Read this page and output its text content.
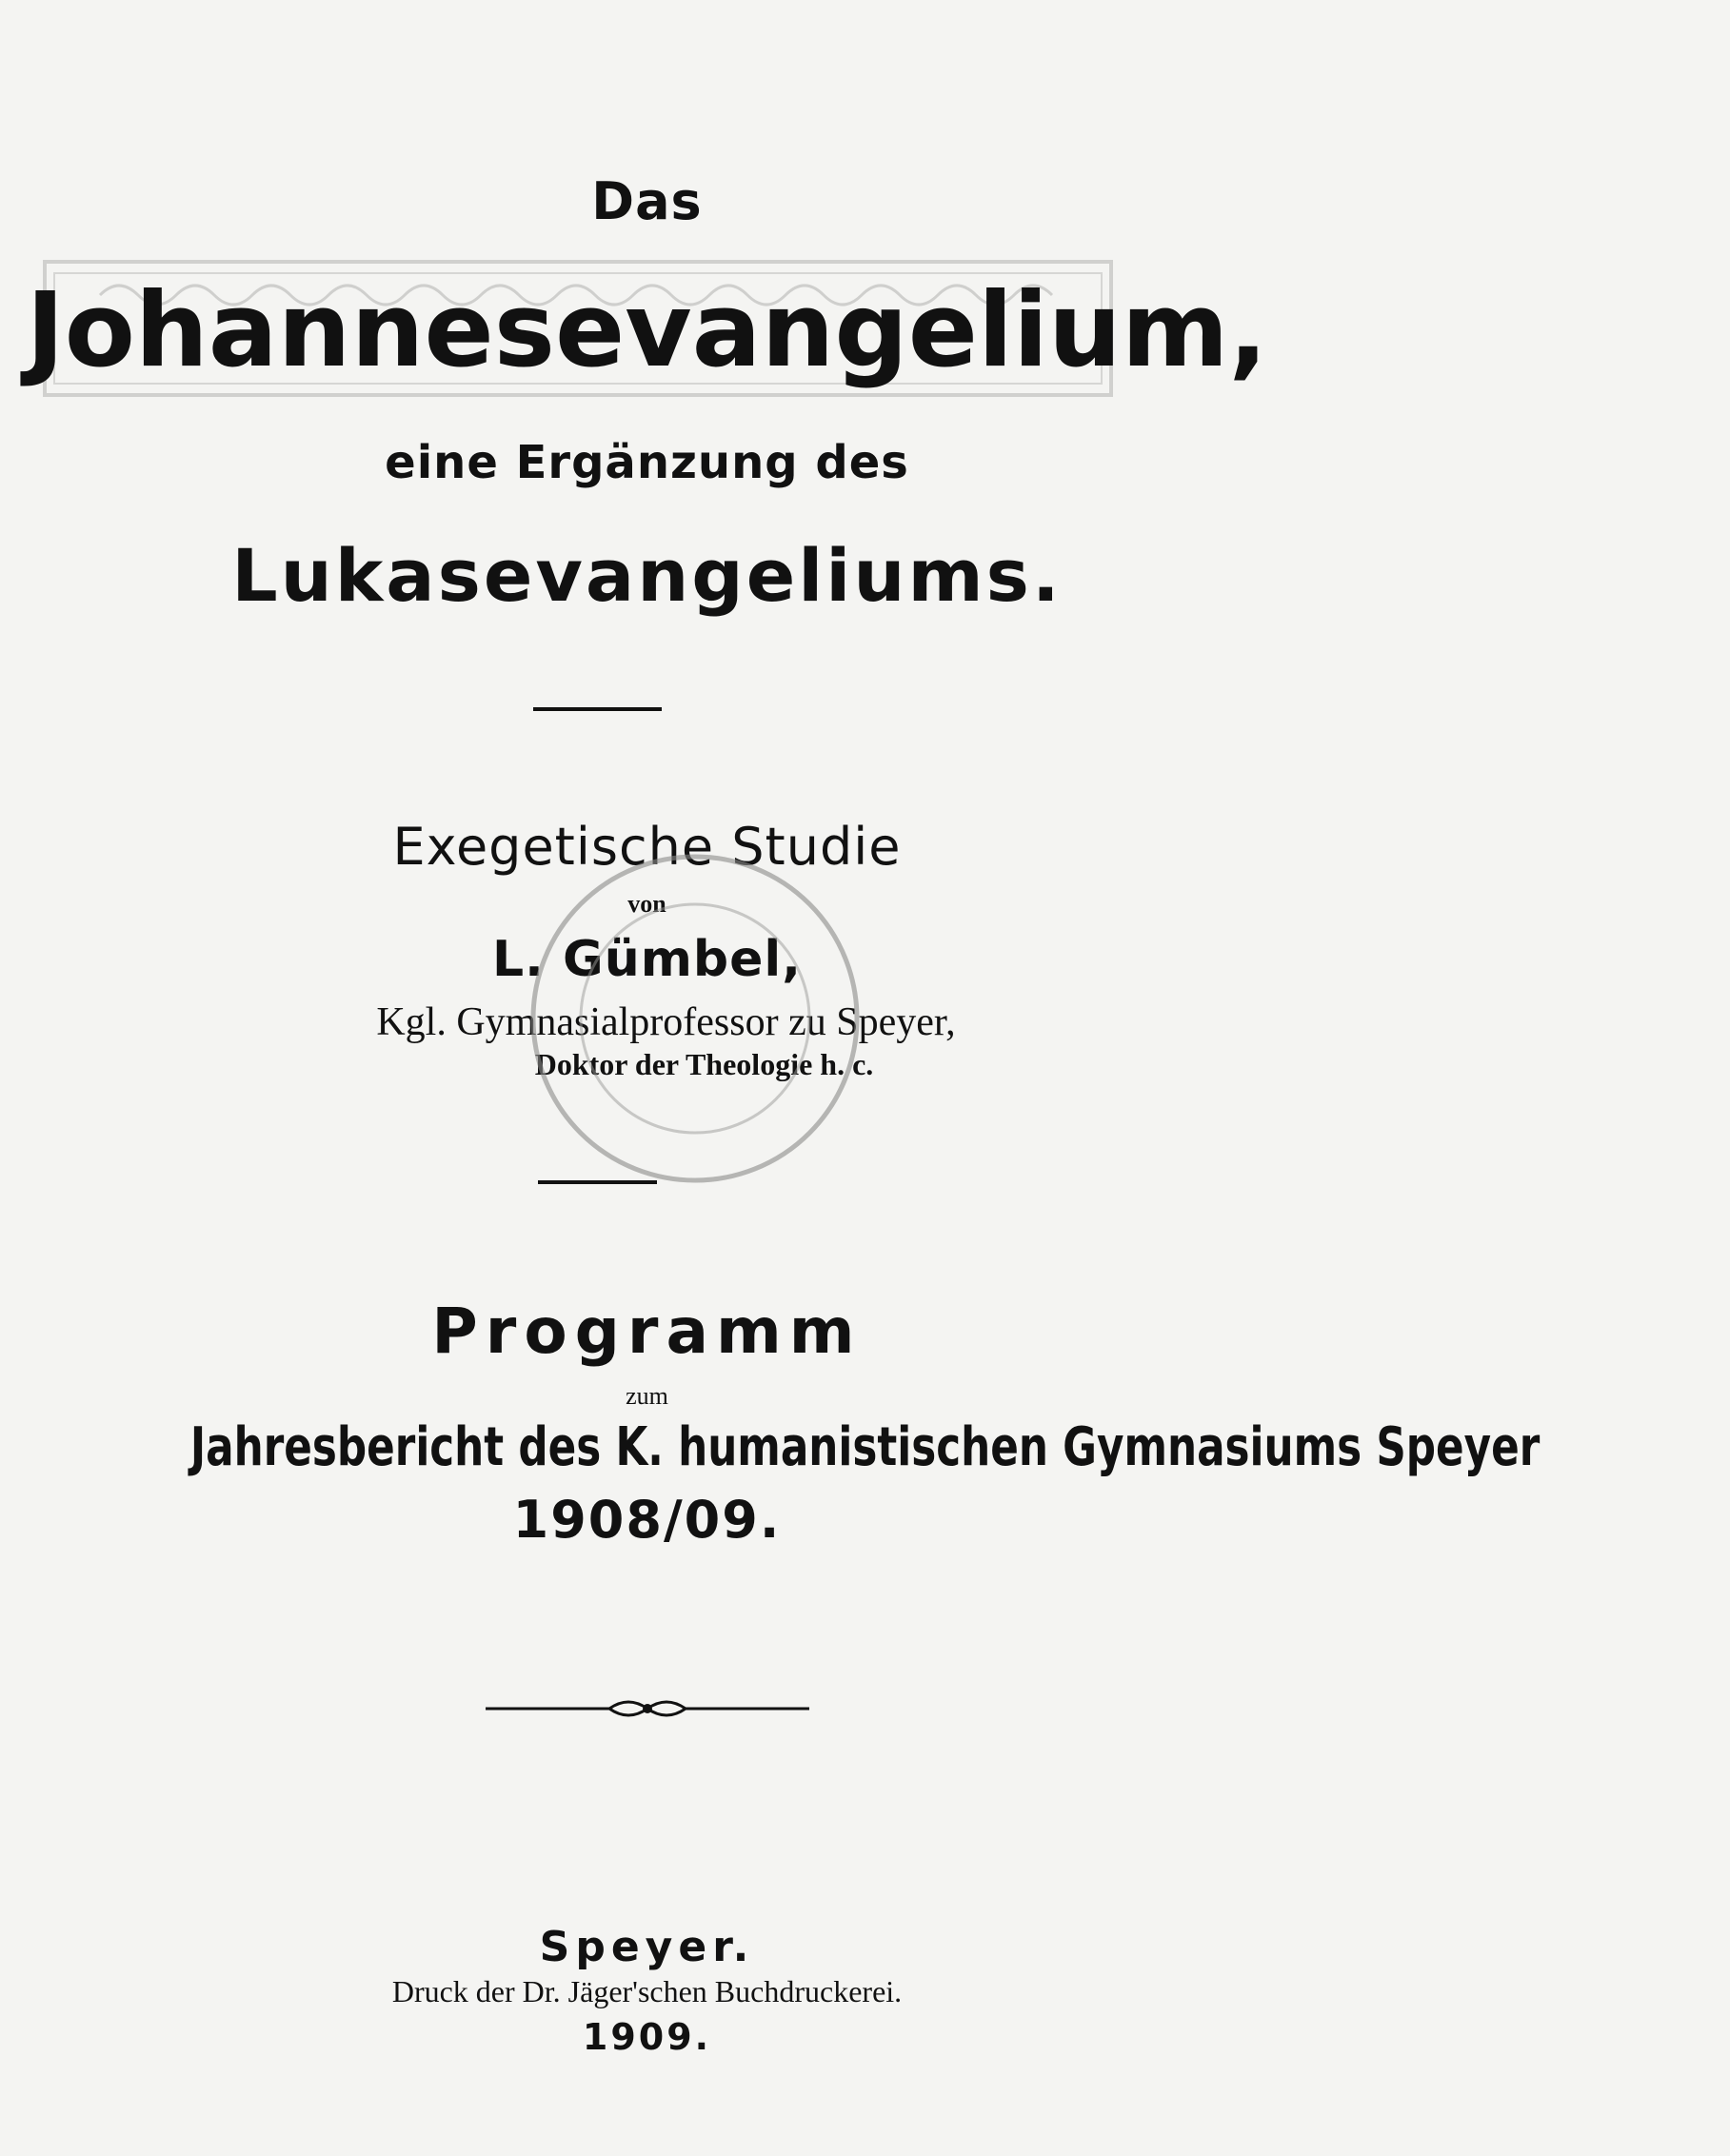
Das
Johannesevangelium,
eine Ergänzung des
Lukasevangeliums.
Exegetische Studie
von
L. Gümbel,
Kgl. Gymnasialprofessor zu Speyer,
Doktor der Theologie h. c.
Programm
zum
Jahresbericht des K. humanistischen Gymnasiums Speyer
1908/09.
Speyer.
Druck der Dr. Jäger'schen Buchdruckerei.
1909.
